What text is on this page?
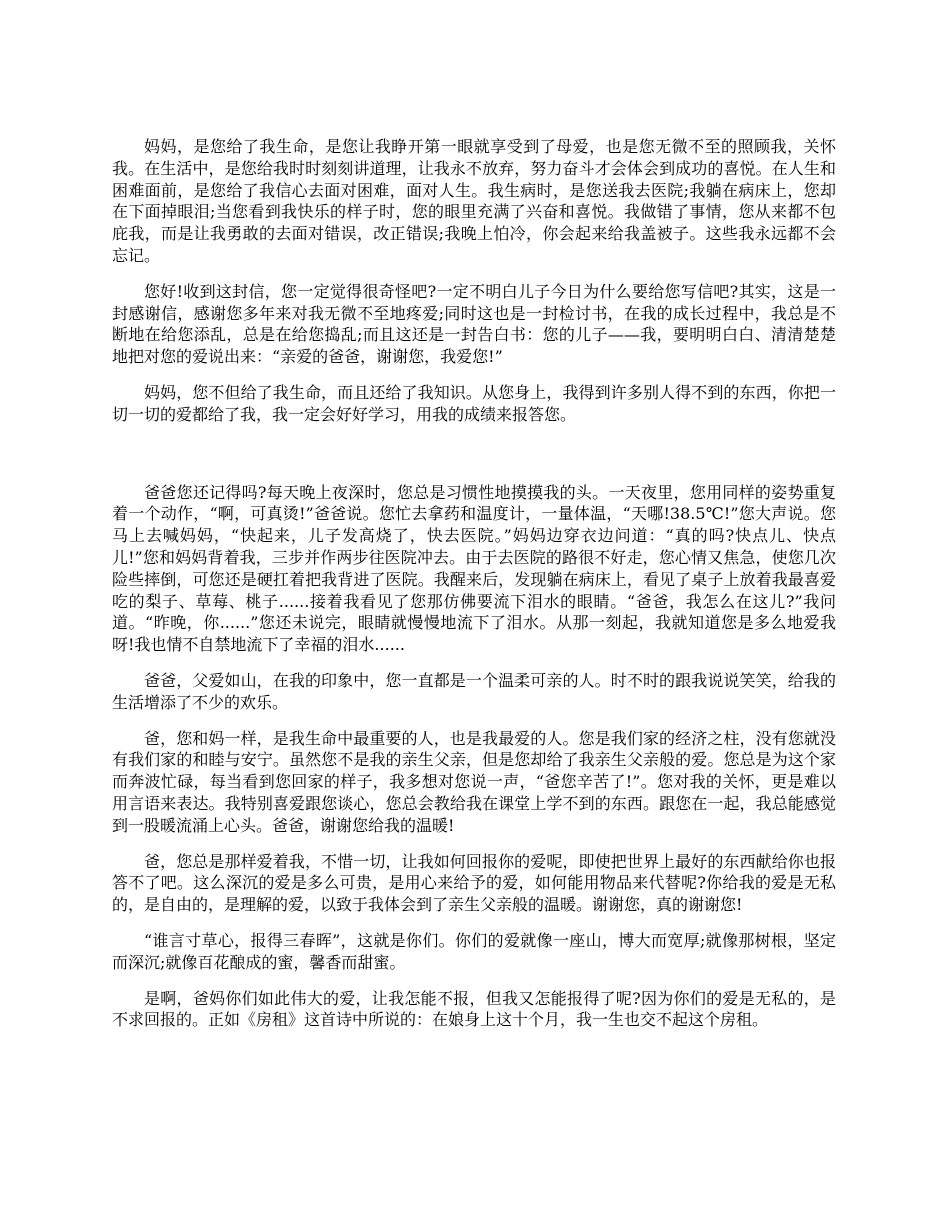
妈妈，是您给了我生命，是您让我睁开第一眼就享受到了母爱，也是您无微不至的照顾我，关怀我。在生活中，是您给我时时刻刻讲道理，让我永不放弃，努力奋斗才会体会到成功的喜悦。在人生和困难面前，是您给了我信心去面对困难，面对人生。我生病时，是您送我去医院;我躺在病床上，您却在下面掉眼泪;当您看到我快乐的样子时，您的眼里充满了兴奋和喜悦。我做错了事情，您从来都不包庇我，而是让我勇敢的去面对错误，改正错误;我晚上怕冷，你会起来给我盖被子。这些我永远都不会忘记。

您好!收到这封信，您一定觉得很奇怪吧?一定不明白儿子今日为什么要给您写信吧?其实，这是一封感谢信，感谢您多年来对我无微不至地疼爱;同时这也是一封检讨书，在我的成长过程中，我总是不断地在给您添乱，总是在给您捣乱;而且这还是一封告白书：您的儿子——我，要明明白白、清清楚楚地把对您的爱说出来：“亲爱的爸爸，谢谢您，我爱您!”

妈妈，您不但给了我生命，而且还给了我知识。从您身上，我得到许多别人得不到的东西，你把一切一切的爱都给了我，我一定会好好学习，用我的成绩来报答您。

爸爸您还记得吗?每天晚上夜深时，您总是习惯性地摸摸我的头。一天夜里，您用同样的姿势重复着一个动作，“啊，可真烫!”爸爸说。您忙去拿药和温度计，一量体温，“天哪!38.5℃!”您大声说。您马上去喊妈妈，“快起来，儿子发高烧了，快去医院。”妈妈边穿衣边问道：“真的吗?快点儿、快点儿!”您和妈妈背着我，三步并作两步往医院冲去。由于去医院的路很不好走，您心情又焦急，使您几次险些摔倒，可您还是硬扛着把我背进了医院。我醒来后，发现躺在病床上，看见了桌子上放着我最喜爱吃的梨子、草莓、桃子......接着我看见了您那仿佛要流下泪水的眼睛。“爸爸，我怎么在这儿?”我问道。“昨晚，你......”您还未说完，眼睛就慢慢地流下了泪水。从那一刻起，我就知道您是多么地爱我呀!我也情不自禁地流下了幸福的泪水......

爸爸，父爱如山，在我的印象中，您一直都是一个温柔可亲的人。时不时的跟我说说笑笑，给我的生活增添了不少的欢乐。

爸，您和妈一样，是我生命中最重要的人，也是我最爱的人。您是我们家的经济之柱，没有您就没有我们家的和睦与安宁。虽然您不是我的亲生父亲，但是您却给了我亲生父亲般的爱。您总是为这个家而奔波忙碌，每当看到您回家的样子，我多想对您说一声，“爸您辛苦了!”。您对我的关怀，更是难以用言语来表达。我特别喜爱跟您谈心，您总会教给我在课堂上学不到的东西。跟您在一起，我总能感觉到一股暖流涌上心头。爸爸，谢谢您给我的温暖!

爸，您总是那样爱着我，不惜一切，让我如何回报你的爱呢，即使把世界上最好的东西献给你也报答不了吧。这么深沉的爱是多么可贵，是用心来给予的爱，如何能用物品来代替呢?你给我的爱是无私的，是自由的，是理解的爱，以致于我体会到了亲生父亲般的温暖。谢谢您，真的谢谢您!

“谁言寸草心，报得三春晖”，这就是你们。你们的爱就像一座山，博大而宽厚;就像那树根，坚定而深沉;就像百花酿成的蜜，馨香而甜蜜。

是啊，爸妈你们如此伟大的爱，让我怎能不报，但我又怎能报得了呢?因为你们的爱是无私的，是不求回报的。正如《房租》这首诗中所说的：在娘身上这十个月，我一生也交不起这个房租。
